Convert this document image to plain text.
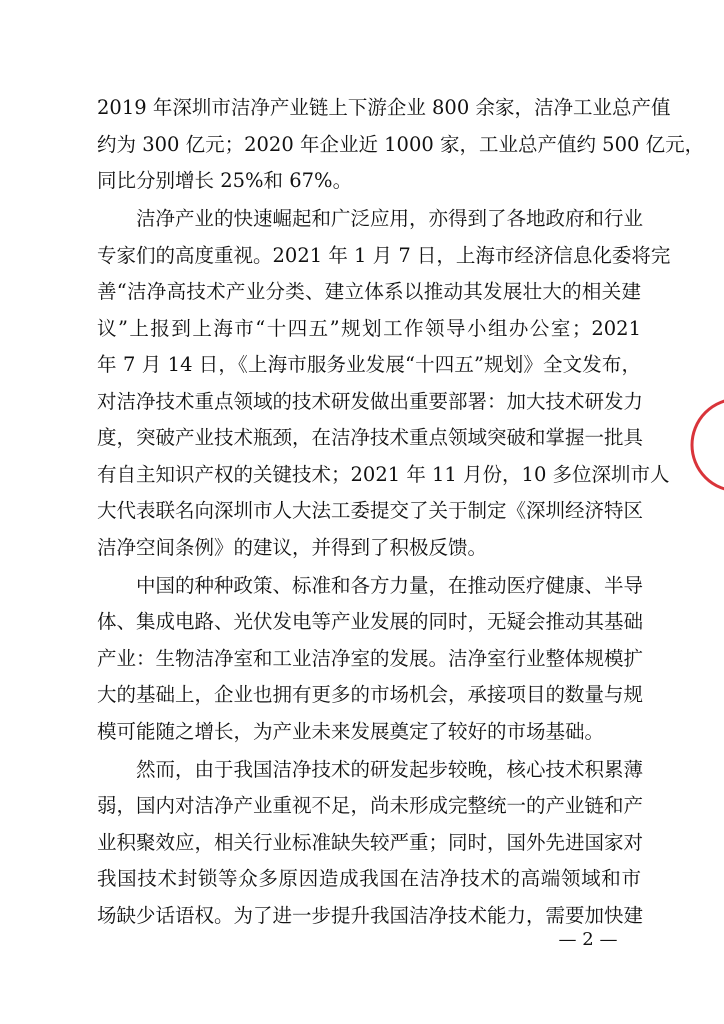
2019 年深圳市洁净产业链上下游企业 800 余家，洁净工业总产值
约为 300 亿元；2020 年企业近 1000 家，工业总产值约 500 亿元，
同比分别增长 25%和 67%。
洁净产业的快速崛起和广泛应用，亦得到了各地政府和行业
专家们的高度重视。2021 年 1 月 7 日，上海市经济信息化委将完
善“洁净高技术产业分类、建立体系以推动其发展壮大的相关建
议”上报到上海市“十四五”规划工作领导小组办公室；2021
年 7 月 14 日，《上海市服务业发展“十四五”规划》全文发布，
对洁净技术重点领域的技术研发做出重要部署：加大技术研发力
度，突破产业技术瓶颈，在洁净技术重点领域突破和掌握一批具
有自主知识产权的关键技术；2021 年 11 月份，10 多位深圳市人
大代表联名向深圳市人大法工委提交了关于制定《深圳经济特区
洁净空间条例》的建议，并得到了积极反馈。
中国的种种政策、标准和各方力量，在推动医疗健康、半导
体、集成电路、光伏发电等产业发展的同时，无疑会推动其基础
产业：生物洁净室和工业洁净室的发展。洁净室行业整体规模扩
大的基础上，企业也拥有更多的市场机会，承接项目的数量与规
模可能随之增长，为产业未来发展奠定了较好的市场基础。
然而，由于我国洁净技术的研发起步较晚，核心技术积累薄
弱，国内对洁净产业重视不足，尚未形成完整统一的产业链和产
业积聚效应，相关行业标准缺失较严重；同时，国外先进国家对
我国技术封锁等众多原因造成我国在洁净技术的高端领域和市
场缺少话语权。为了进一步提升我国洁净技术能力，需要加快建
— 2 —
